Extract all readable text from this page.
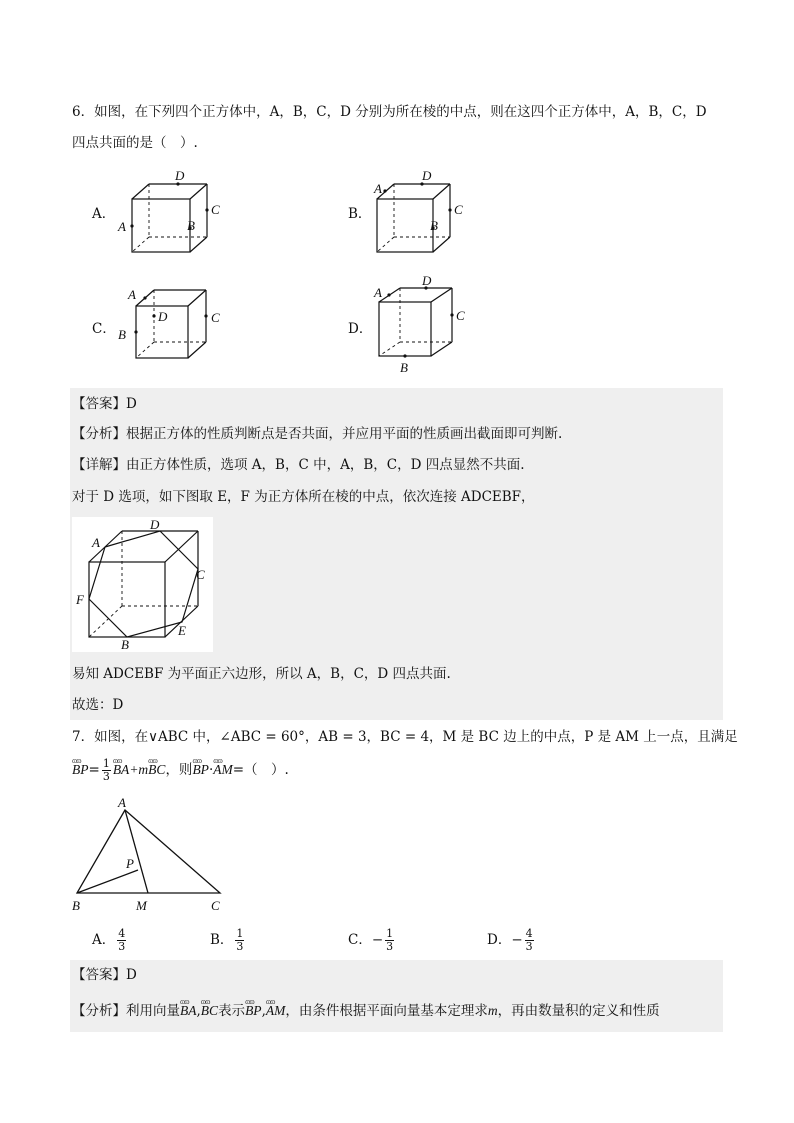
6．如图，在下列四个正方体中，A，B，C，D 分别为所在棱的中点，则在这四个正方体中，A，B，C，D
四点共面的是（　）.
A．
A
D
C
B
B．
A
D
C
B
C．
A
B
D	C
D．
A
D
C
B
【答案】D
【分析】根据正方体的性质判断点是否共面，并应用平面的性质画出截面即可判断.
【详解】由正方体性质，选项 A，B，C 中，A，B，C，D 四点显然不共面.
对于 D 选项，如下图取 E，F 为正方体所在棱的中点，依次连接 ADCEBF，
A
D
C
F
E
B
易知 ADCEBF 为平面正六边形，所以 A，B，C，D 四点共面.
故选：D
7．如图，在∨ABC 中，∠ABC = 60°，AB = 3，BC = 4，M 是 BC 边上的中点，P 是 AM 上一点，且满足
ɷɷ $BP= \frac{1}{3}$
ɷɷ BA+mɷɷ BC，则ɷɷ BP·ɷɷ AM=（　）.
A
B	M	C
P
A． $\frac{4}{3}$	B． $\frac{1}{3}$	C．− $\frac{1}{3}$	D．− $\frac{4}{3}$
【答案】D
【分析】利用向量ɷɷ BA,ɷɷ BC表示ɷɷ BP,ɷɷ AM，由条件根据平面向量基本定理求m，再由数量积的定义和性质
